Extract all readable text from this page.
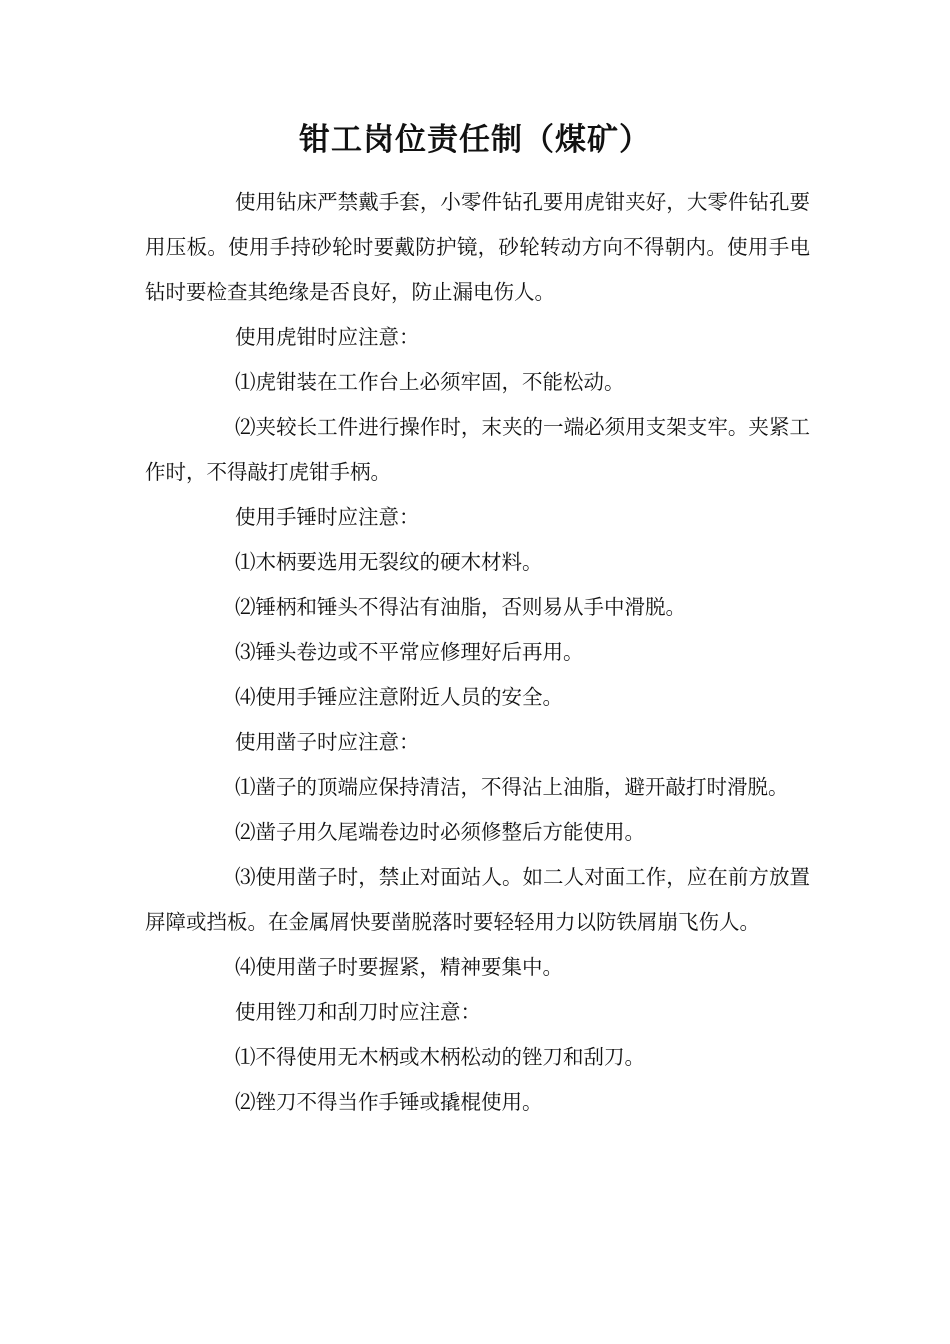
钳工岗位责任制（煤矿）

使用钻床严禁戴手套，小零件钻孔要用虎钳夹好，大零件钻孔要用压板。使用手持砂轮时要戴防护镜，砂轮转动方向不得朝内。使用手电钻时要检查其绝缘是否良好，防止漏电伤人。

使用虎钳时应注意：

⑴虎钳装在工作台上必须牢固，不能松动。

⑵夹较长工件进行操作时，末夹的一端必须用支架支牢。夹紧工作时，不得敲打虎钳手柄。

使用手锤时应注意：

⑴木柄要选用无裂纹的硬木材料。

⑵锤柄和锤头不得沾有油脂，否则易从手中滑脱。

⑶锤头卷边或不平常应修理好后再用。

⑷使用手锤应注意附近人员的安全。

使用凿子时应注意：

⑴凿子的顶端应保持清洁，不得沾上油脂，避开敲打时滑脱。

⑵凿子用久尾端卷边时必须修整后方能使用。

⑶使用凿子时，禁止对面站人。如二人对面工作，应在前方放置屏障或挡板。在金属屑快要凿脱落时要轻轻用力以防铁屑崩飞伤人。

⑷使用凿子时要握紧，精神要集中。

使用锉刀和刮刀时应注意：

⑴不得使用无木柄或木柄松动的锉刀和刮刀。

⑵锉刀不得当作手锤或撬棍使用。
